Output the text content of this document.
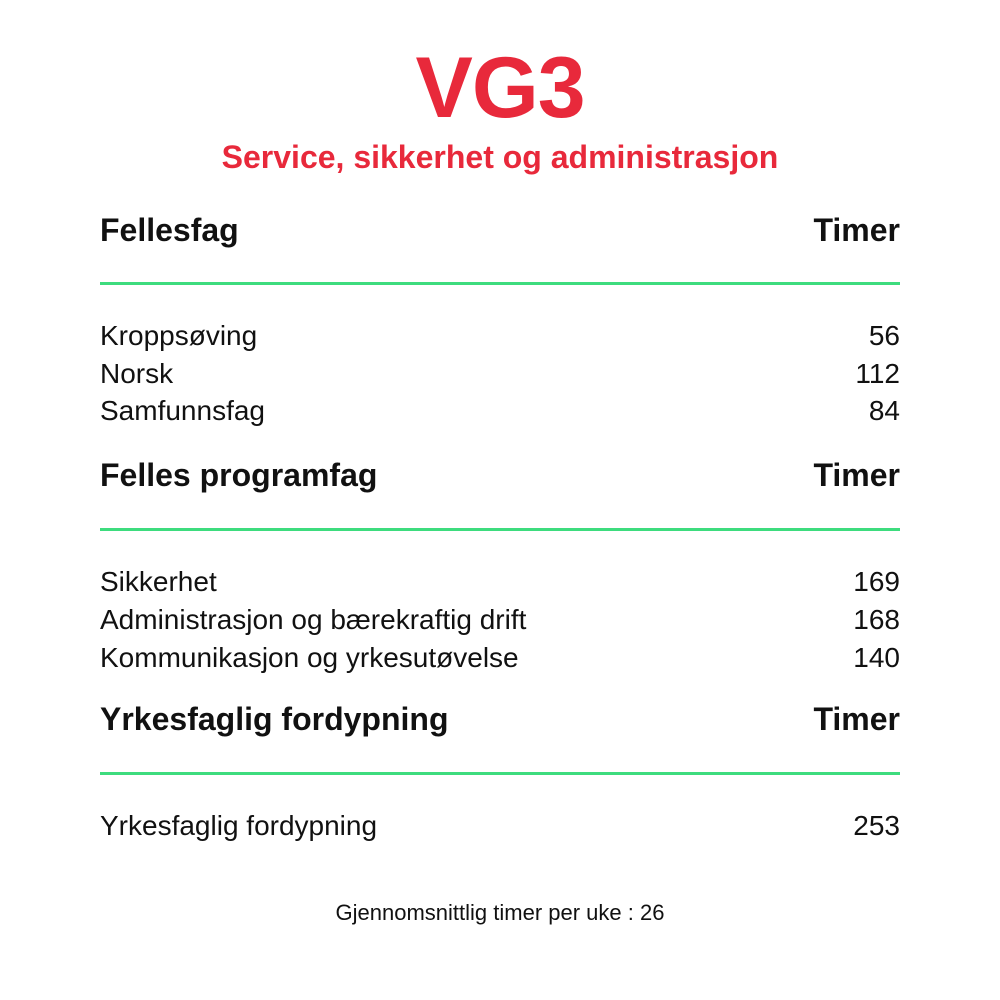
VG3
Service, sikkerhet og administrasjon
Fellesfag	Timer
Kroppsøving	56
Norsk	112
Samfunnsfag	84
Felles programfag	Timer
Sikkerhet	169
Administrasjon og bærekraftig drift	168
Kommunikasjon og yrkesutøvelse	140
Yrkesfaglig fordypning	Timer
Yrkesfaglig fordypning	253
Gjennomsnittlig timer per uke : 26
